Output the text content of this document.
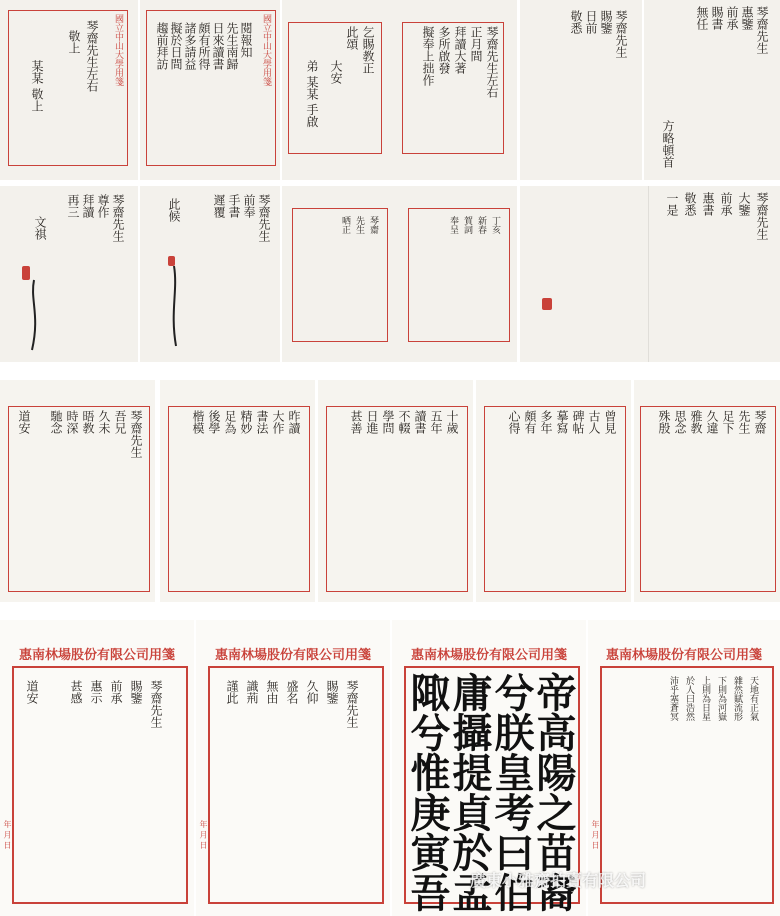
國立中山大學用箋
琴齋先生左右
敬上
某某 敬上	國立中山大學用箋
閱報知
先生南歸
日來讀書
頗有所得
諸多請益
擬於日間
趨前拜訪	琴齋先生左右
正月間
拜讀大著
多所啟發
擬奉上拙作
乞賜教正
此頌
大安
弟 某某 手啟
琴齋先生
賜鑒
日前
敬悉	琴齋先生
惠鑒
前承
賜書
無任
方略頓首
琴齋先生
尊作
拜讀
再三
文祺	琴齋先生
前奉
手書
遲覆
此候
丁亥
新春
賀詞
奉呈
琴齋
先生
哂正	琴齋先生
大鑒
前承
惠書
敬悉
一是
琴齋先生
吾兄
久未
晤教
時深
馳念
道安	昨讀
大作
書法
精妙
足為
後學
楷模	十歲
五年
讀書
不輟
學問
日進
甚善	曾見
古人
碑帖
摹寫
多年
頗有
心得	琴齋
先生
足下
久違
雅教
思念
殊殷
惠南林場股份有限公司用箋
年 月 日
琴齋先生
賜鑒
前承
惠示
甚感
道安
惠南林場股份有限公司用箋
年 月 日
琴齋先生
賜鑒
久仰
盛名
無由
識荊
謹此
惠南林場股份有限公司用箋
帝高陽之苗裔
兮朕皇考曰伯
庸攝提貞於孟
陬兮惟庚寅吾
惠南林場股份有限公司用箋
年 月 日
天地有正氣
雜然賦流形
下則為河嶽
上則為日星
於人曰浩然
沛乎塞蒼冥
廣東小雅齋拍賣有限公司
